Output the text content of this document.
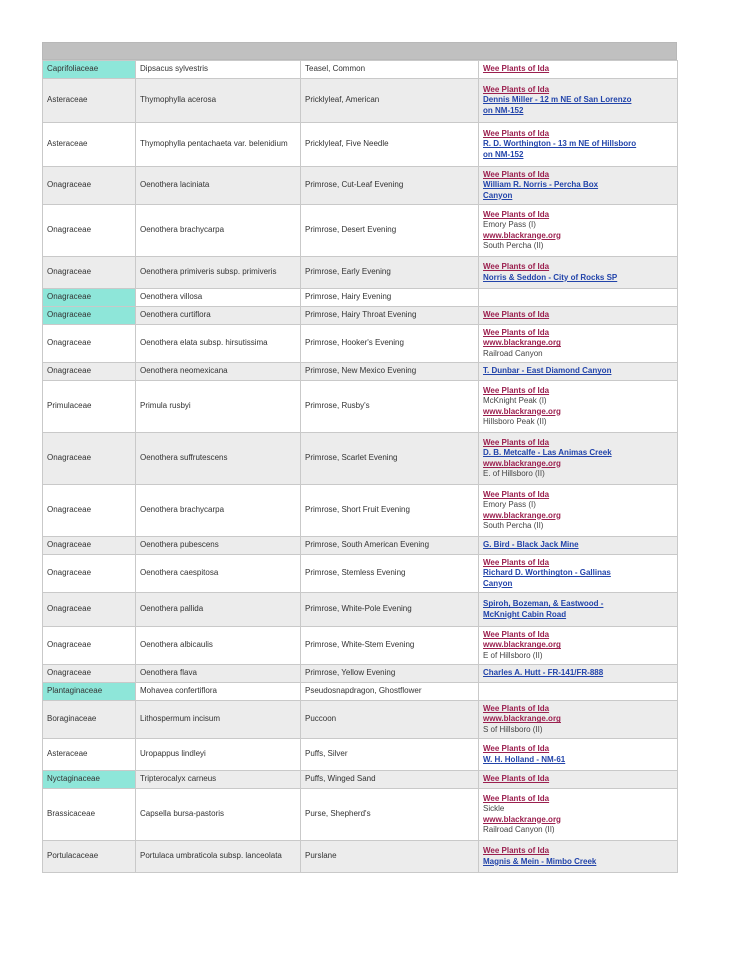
Caprifoliaceae	Dipsacus sylvestris	Teasel, Common	Wee Plants of Ida

Asteraceae	Thymophylla acerosa	Pricklyleaf, American	Wee Plants of Ida
Dennis Miller - 12 m NE of San Lorenzo
on NM-152

Asteraceae	Thymophylla pentachaeta var. belenidium	Pricklyleaf, Five Needle	Wee Plants of Ida
R. D. Worthington - 13 m NE of Hillsboro
on NM-152

Onagraceae	Oenothera laciniata	Primrose, Cut-Leaf Evening	Wee Plants of Ida
William R. Norris - Percha Box
Canyon

Onagraceae	Oenothera brachycarpa	Primrose, Desert Evening	Wee Plants of Ida
Emory Pass (I)
www.blackrange.org
South Percha (II)

Onagraceae	Oenothera primiveris subsp. primiveris	Primrose, Early Evening	Wee Plants of Ida
Norris & Seddon - City of Rocks SP

Onagraceae	Oenothera villosa	Primrose, Hairy Evening	
Onagraceae	Oenothera curtiflora	Primrose, Hairy Throat Evening	Wee Plants of Ida

Onagraceae	Oenothera elata subsp. hirsutissima	Primrose, Hooker's Evening	Wee Plants of Ida
www.blackrange.org
Railroad Canyon

Onagraceae	Oenothera neomexicana	Primrose, New Mexico Evening	T. Dunbar - East Diamond Canyon

Primulaceae	Primula rusbyi	Primrose, Rusby's	Wee Plants of Ida
McKnight Peak (I)
www.blackrange.org
Hillsboro Peak (II)

Onagraceae	Oenothera suffrutescens	Primrose, Scarlet Evening	Wee Plants of Ida
D. B. Metcalfe - Las Animas Creek
www.blackrange.org
E. of Hillsboro (II)

Onagraceae	Oenothera brachycarpa	Primrose, Short Fruit Evening	Wee Plants of Ida
Emory Pass (I)
www.blackrange.org
South Percha (II)

Onagraceae	Oenothera pubescens	Primrose, South American Evening	G. Bird - Black Jack Mine

Onagraceae	Oenothera caespitosa	Primrose, Stemless Evening	Wee Plants of Ida
Richard D. Worthington - Gallinas
Canyon

Onagraceae	Oenothera pallida	Primrose, White-Pole Evening	Spiroh, Bozeman, & Eastwood -
McKnight Cabin Road

Onagraceae	Oenothera albicaulis	Primrose, White-Stem Evening	Wee Plants of Ida
www.blackrange.org
E of Hillsboro (II)

Onagraceae	Oenothera flava	Primrose, Yellow Evening	Charles A. Hutt - FR-141/FR-888

Plantaginaceae	Mohavea confertiflora	Pseudosnapdragon, Ghostflower	
Boraginaceae	Lithospermum incisum	Puccoon	Wee Plants of Ida
www.blackrange.org
S of Hillsboro (II)

Asteraceae	Uropappus lindleyi	Puffs, Silver	Wee Plants of Ida
W. H. Holland - NM-61

Nyctaginaceae	Tripterocalyx carneus	Puffs, Winged Sand	Wee Plants of Ida

Brassicaceae	Capsella bursa-pastoris	Purse, Shepherd's	Wee Plants of Ida
Sickle
www.blackrange.org
Railroad Canyon (II)

Portulacaceae	Portulaca umbraticola subsp. lanceolata	Purslane	Wee Plants of Ida
Magnis & Mein - Mimbo Creek
